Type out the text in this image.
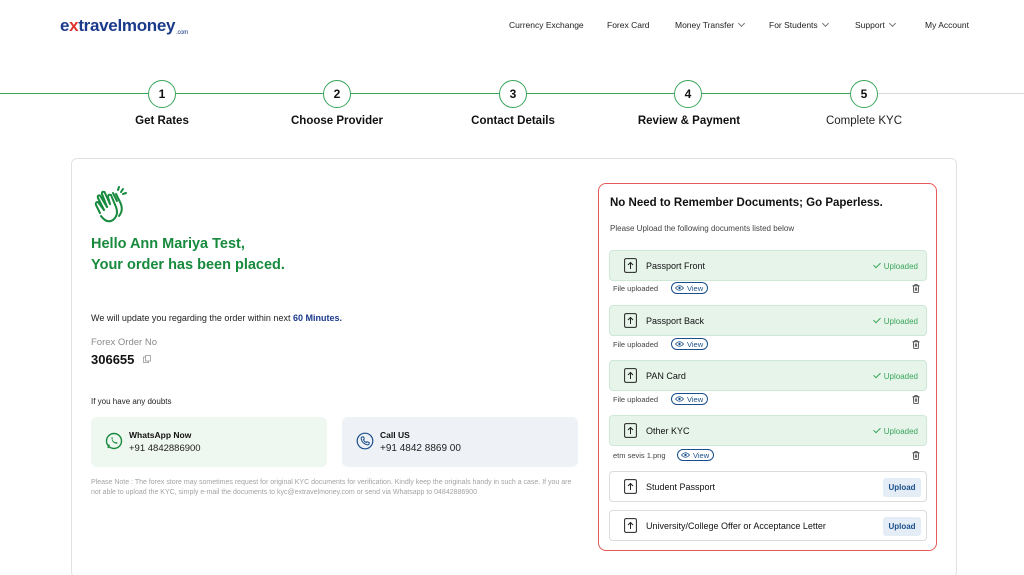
extravelmoney.com
Currency Exchange	Forex Card	Money Transfer	For Students	Support	My Account
1	2	3	4	5
Get Rates	Choose Provider	Contact Details	Review & Payment	Complete KYC
Hello Ann Mariya Test,
Your order has been placed.
We will update you regarding the order within next 60 Minutes.
Forex Order No
306655
If you have any doubts
WhatsApp Now
+91 4842886900
Call US
+91 4842 8869 00
Please Note : The forex store may sometimes request for original KYC documents for verification. Kindly keep the originals handy in such a case. If you are not able to upload the KYC, simply e-mail the documents to kyc@extravelmoney.com or send via Whatsapp to 04842886900
No Need to Remember Documents; Go Paperless.
Please Upload the following documents listed below
Passport Front	Uploaded
File uploaded	View
Passport Back	Uploaded
File uploaded	View
PAN Card	Uploaded
File uploaded	View
Other KYC	Uploaded
etm sevis 1.png	View
Student Passport	Upload
University/College Offer or Acceptance Letter	Upload
